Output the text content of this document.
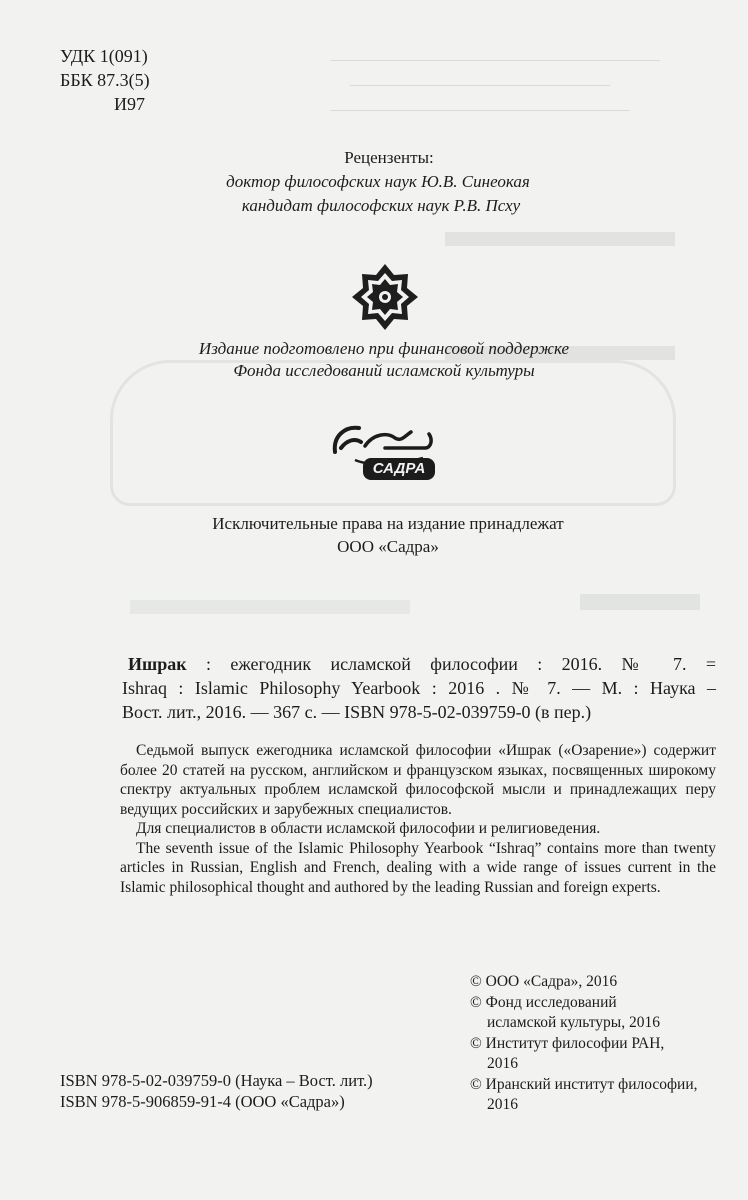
УДК 1(091)
ББК 87.3(5)
И97
Рецензенты:
доктор философских наук Ю.В. Синеокая
кандидат философских наук Р.В. Псху
Издание подготовлено при финансовой поддержке
Фонда исследований исламской культуры
САДРА
Исключительные права на издание принадлежат
ООО «Садра»
Ишрак : ежегодник исламской философии : 2016. № 7. =
Ishraq : Islamic Philosophy Yearbook : 2016 . № 7. — М. : Наука –
Вост. лит., 2016. — 367 с. — ISBN 978-5-02-039759-0 (в пер.)

Седьмой выпуск ежегодника исламской философии «Ишрак («Озарение») содержит более 20 статей на русском, английском и французском языках, посвященных широкому спектру актуальных проблем исламской философской мысли и принадлежащих перу ведущих российских и зарубежных специалистов.

Для специалистов в области исламской философии и религиоведения.

The seventh issue of the Islamic Philosophy Yearbook “Ishraq” contains more than twenty articles in Russian, English and French, dealing with a wide range of issues current in the Islamic philosophical thought and authored by the leading Russian and foreign experts.

© ООО «Садра», 2016
© Фонд исследований
исламской культуры, 2016
© Институт философии РАН,
2016
© Иранский институт философии,
2016
ISBN 978-5-02-039759-0 (Наука – Вост. лит.)
ISBN 978-5-906859-91-4 (ООО «Садра»)
